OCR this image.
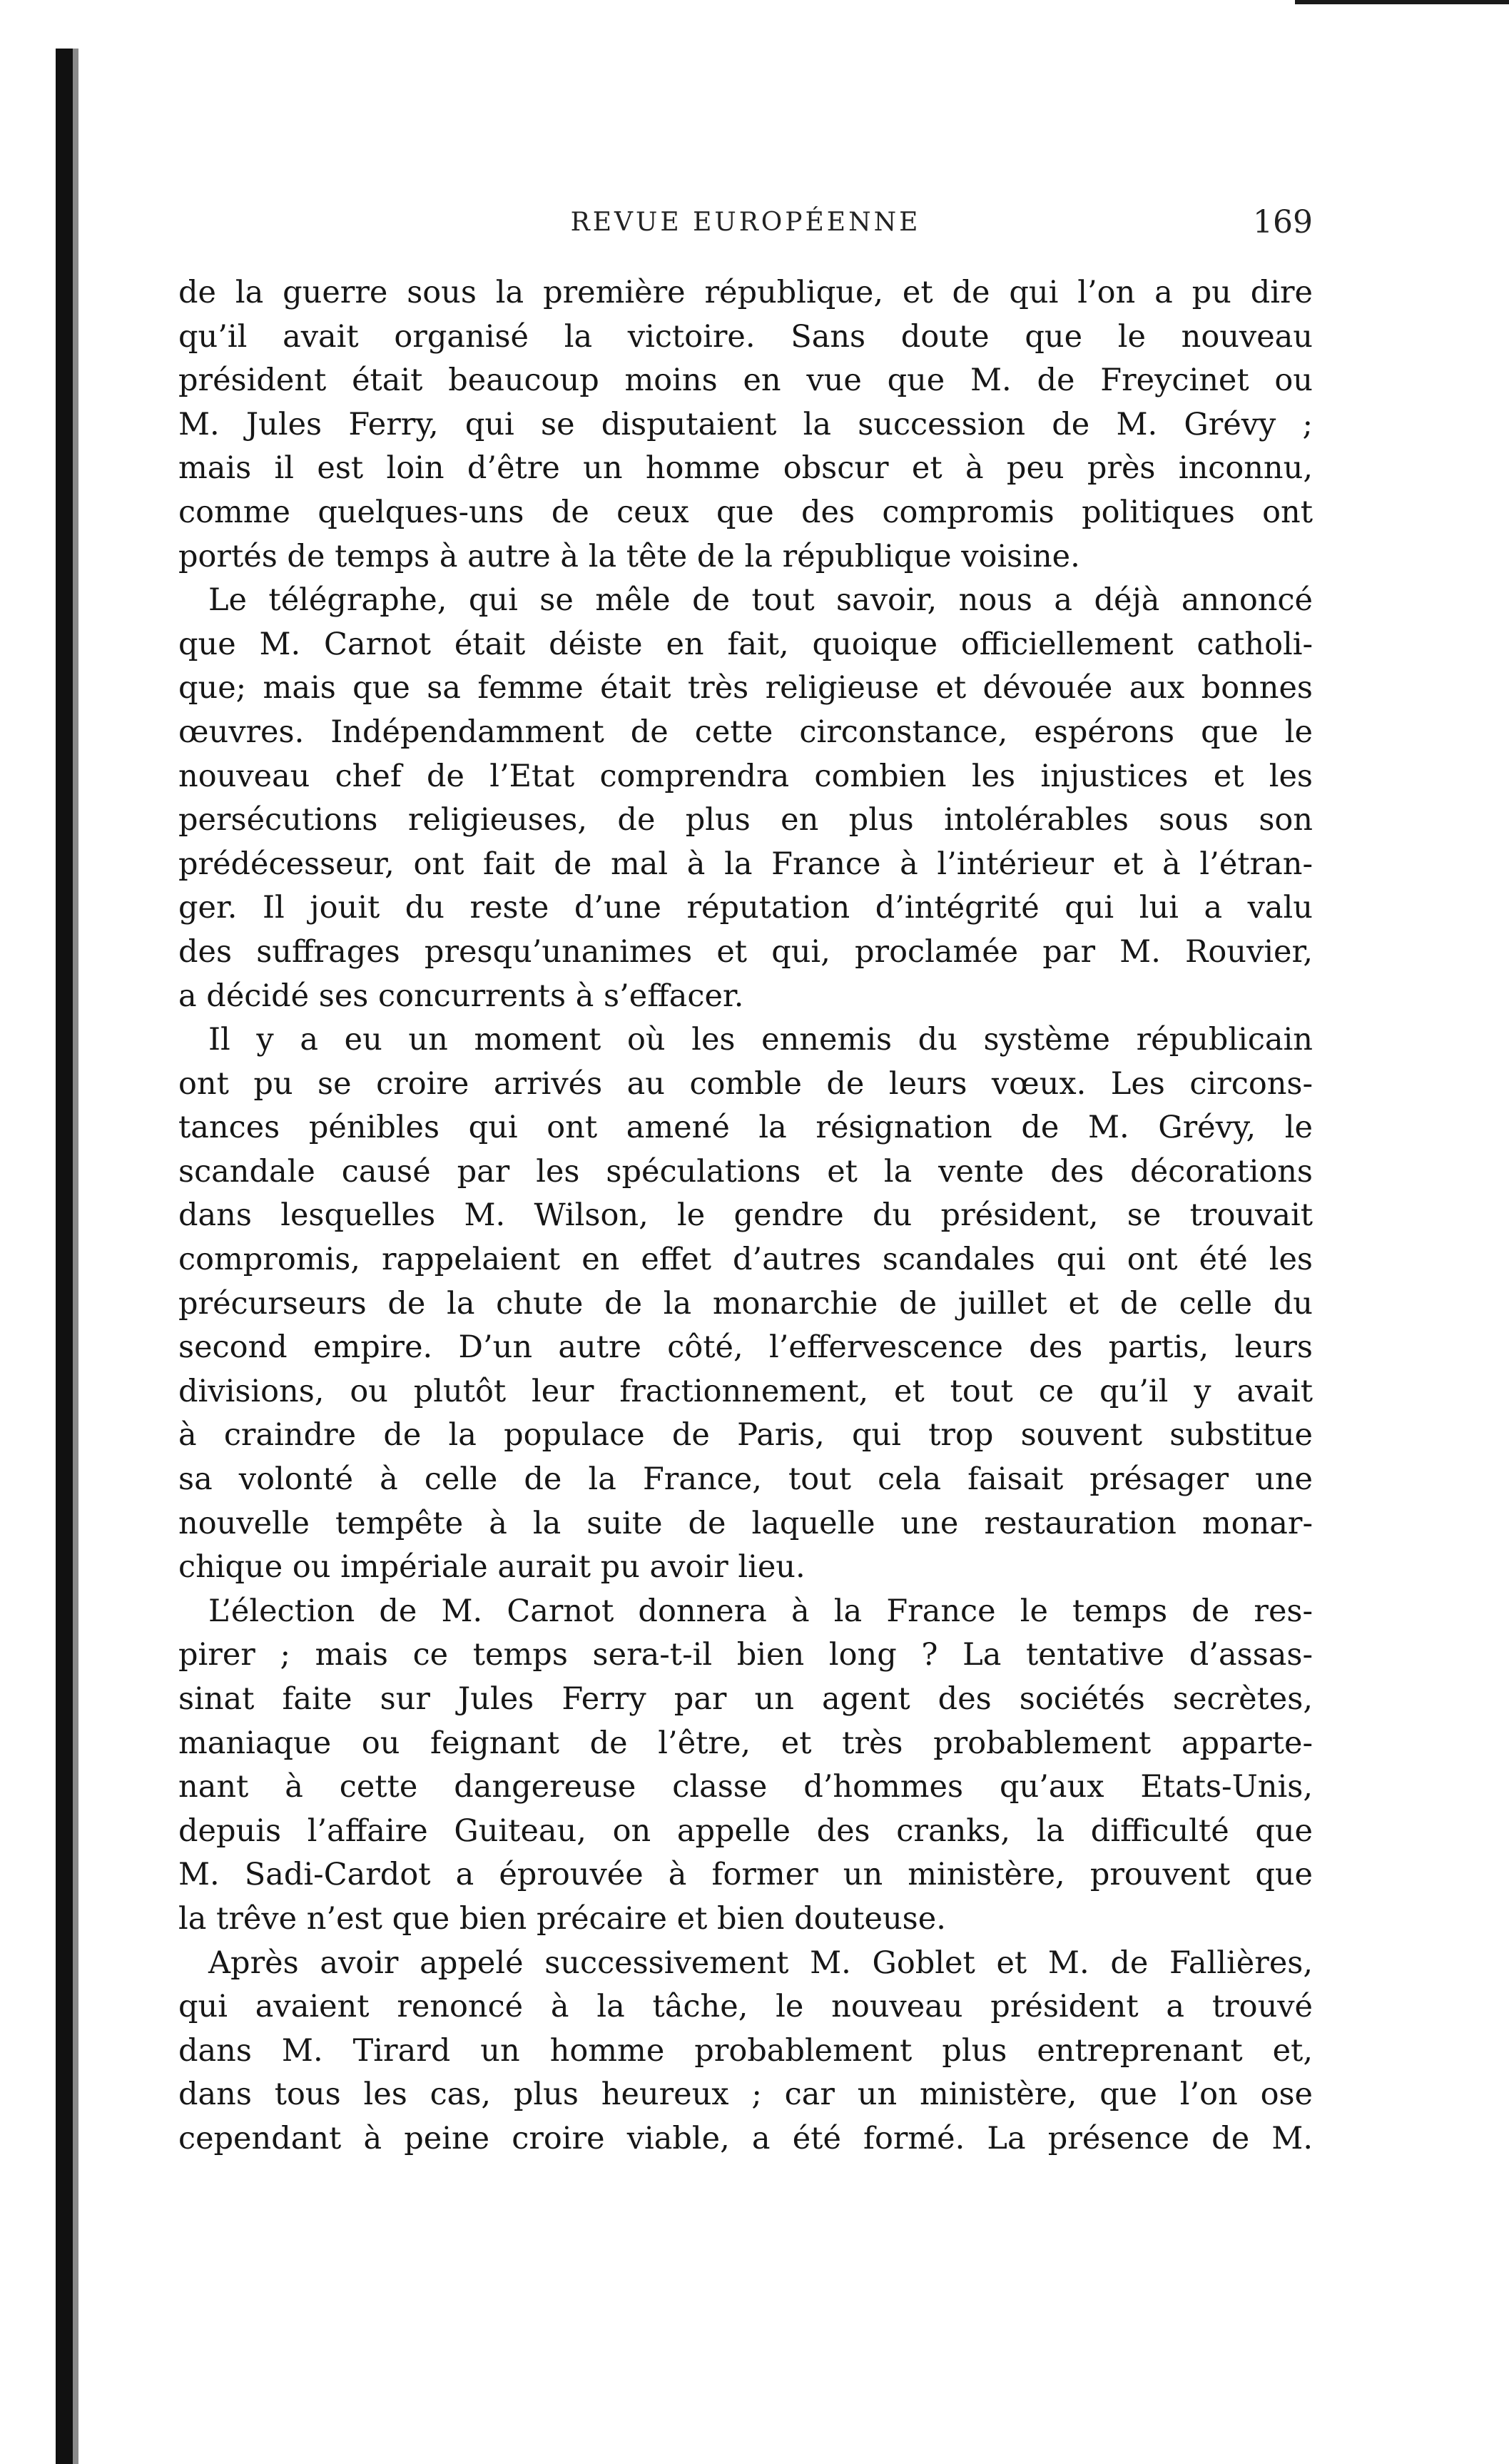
REVUE EUROPÉENNE	169
de la guerre sous la première république, et de qui l’on a pu dire
qu’il avait organisé la victoire. Sans doute que le nouveau
président était beaucoup moins en vue que M. de Freycinet ou
M. Jules Ferry, qui se disputaient la succession de M. Grévy ;
mais il est loin d’être un homme obscur et à peu près inconnu,
comme quelques-uns de ceux que des compromis politiques ont
portés de temps à autre à la tête de la république voisine.
Le télégraphe, qui se mêle de tout savoir, nous a déjà annoncé
que M. Carnot était déiste en fait, quoique officiellement catholi-
que; mais que sa femme était très religieuse et dévouée aux bonnes
œuvres. Indépendamment de cette circonstance, espérons que le
nouveau chef de l’Etat comprendra combien les injustices et les
persécutions religieuses, de plus en plus intolérables sous son
prédécesseur, ont fait de mal à la France à l’intérieur et à l’étran-
ger. Il jouit du reste d’une réputation d’intégrité qui lui a valu
des suffrages presqu’unanimes et qui, proclamée par M. Rouvier,
a décidé ses concurrents à s’effacer.
Il y a eu un moment où les ennemis du système républicain
ont pu se croire arrivés au comble de leurs vœux. Les circons-
tances pénibles qui ont amené la résignation de M. Grévy, le
scandale causé par les spéculations et la vente des décorations
dans lesquelles M. Wilson, le gendre du président, se trouvait
compromis, rappelaient en effet d’autres scandales qui ont été les
précurseurs de la chute de la monarchie de juillet et de celle du
second empire. D’un autre côté, l’effervescence des partis, leurs
divisions, ou plutôt leur fractionnement, et tout ce qu’il y avait
à craindre de la populace de Paris, qui trop souvent substitue
sa volonté à celle de la France, tout cela faisait présager une
nouvelle tempête à la suite de laquelle une restauration monar-
chique ou impériale aurait pu avoir lieu.
L’élection de M. Carnot donnera à la France le temps de res-
pirer ; mais ce temps sera-t-il bien long ? La tentative d’assas-
sinat faite sur Jules Ferry par un agent des sociétés secrètes,
maniaque ou feignant de l’être, et très probablement apparte-
nant à cette dangereuse classe d’hommes qu’aux Etats-Unis,
depuis l’affaire Guiteau, on appelle des cranks, la difficulté que
M. Sadi-Cardot a éprouvée à former un ministère, prouvent que
la trêve n’est que bien précaire et bien douteuse.
Après avoir appelé successivement M. Goblet et M. de Fallières,
qui avaient renoncé à la tâche, le nouveau président a trouvé
dans M. Tirard un homme probablement plus entreprenant et,
dans tous les cas, plus heureux ; car un ministère, que l’on ose
cependant à peine croire viable, a été formé. La présence de M.
